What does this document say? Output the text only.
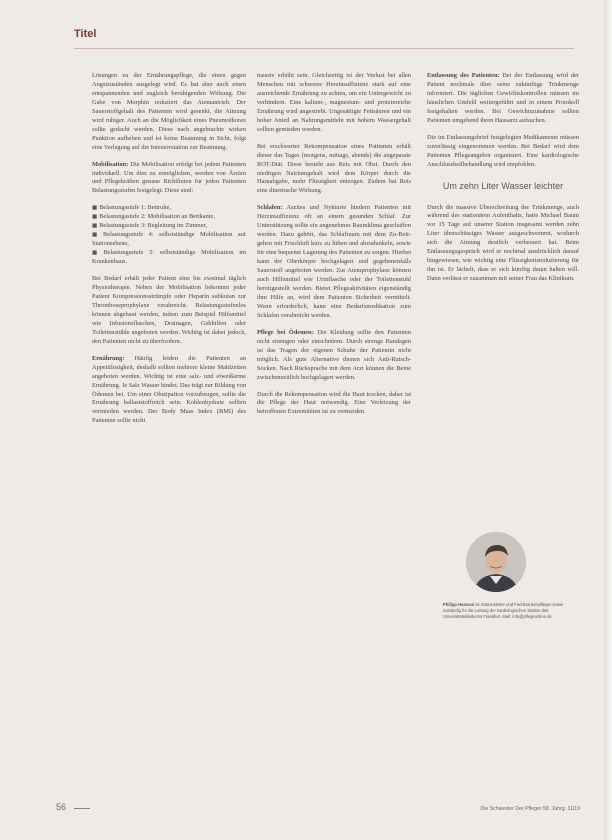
Titel

Lösungen zu der Ernährungspflege, die einen gegen Angstzuständen ausgelegt wird. Es hat aber auch einen entspannenden und zugleich beruhigenden Wirkung. Die Gabe von Morphin reduziert das Atemantrieb. Der Sauerstoffgehalt des Patienten wird gesenkt, die Atmung wird ruhiger. Auch an die Möglichkeit eines Pneumothorax sollte gedacht werden. Diese nach angebrachte wirken Punktion aufheben und ist keine Beatmung in Sicht, folgt eine Verlegung auf die Intensivstation zur Beatmung.

Mobilisation: Die Mobilisation erfolgt bei jedem Patienten individuell. Um dies zu ermöglichen, werden von Ärzten und Pflegekräften genaue Richtlinien für jeden Patienten Belastungsstufen festgelegt. Diese sind:

■ Belastungsstufe 1: Bettruhe,
■ Belastungsstufe 2: Mobilisation an Bettkante,
■ Belastungsstufe 3: Begleitung im Zimmer,
■ Belastungsstufe 4: selbstständige Mobilisation auf Stationsebene,
■ Belastungsstufe 5: selbstständige Mobilisation im Krankenhaus.

Bei Bedarf erhält jeder Patient eine bis zweimal täglich Physiotherapie. Neben der Mobilisation bekommt jeder Patient Kompressionsstrümpfe oder Heparin subkutan zur Thromboseprophylaxe verabreicht. Belastungsstufenlos können abgebaut werden, indem zum Beispiel Hilfsmittel wie Infusionsflaschen, Drainagen, Gehhilfen oder Toilettenstühle angeboten werden. Wichtig ist dabei jedoch, den Patienten nicht zu überfordern.

Ernährung: Häufig leiden die Patienten an Appetitlosigkeit, deshalb sollten mehrere kleine Mahlzeiten angeboten werden. Wichtig ist eine salz- und eiweißarme Ernährung. Je Salz Wasser bindet. Das trägt zur Bildung von Ödemen bei. Um einer Obstipation vorzubeugen, sollte die Ernährung ballaststoffreich sein. Kohlenhydrate sollten vermieden werden. Der Body Mass Index (BMI) des Patienten sollte nicht

massiv erhöht sein. Gleichzeitig ist der Verlust bei allen Menschen mit schwerer Herzinsuffizienz stark auf eine ausreichende Ernährung zu achten, um ein Untergewicht zu verhindern. Eine kalium-, magnesium- und proteinreiche Ernährung wird angestrebt. Ungesättigte Fettsäuren und ein hoher Anteil an Nahrungsmitteln mit hohem Wassergehalt sollten gemieden werden.

Bei erschwerter Rekompensation eines Patienten erhält dieser das Tages (morgens, mittags, abends) die angepasste ROT-Diät. Diese besteht aus Reis mit Obst. Durch den niedrigen Natriumgehalt wird dem Körper durch die Harnabgabe, mehr Flüssigkeit entzogen. Zudem hat Reis eine diuretische Wirkung.

Schlafen: Aszites und Nykturie hindern Patienten mit Herzinsuffizienz oft an einem gesunden Schlaf. Zur Unterstützung sollte ein angenehmes Raumklima geschaffen werden. Dazu gehört, das Schlafraum mit dem Zu-Bett-gehen mit Frischluft kurz zu lüften und abzudunkeln, sowie für eine bequeme Lagerung des Patienten zu sorgen. Hierbei kann der Oberkörper hochgelagert und gegebenenfalls Sauerstoff angeboten werden. Zur Atemprophylaxe können auch Hilfsmittel wie Urinflasche oder der Toilettenstuhl bereitgestellt werden. Bietet Pflegeaktivitäten eigenständig ihm Hilfe an, wird dem Patienten Sicherheit vermittelt. Wenn erforderlich, kann eine Bedarfsmedikation zum Schlafen verabreicht werden.

Pflege bei Ödemen: Die Kleidung sollte den Patienten nicht einengen oder einschnüren. Durch strenge Bandagen ist das Tragen der eigenen Schuhe der Patientin nicht möglich. Als gute Alternative dienen sich Anti-Rutsch-Socken. Nach Rücksprache mit dem Arzt können die Beine zwischenzeitlich hochgelagert werden.

Durch die Rekompensation wird die Haut trocken, daher ist die Pflege der Haut notwendig. Eine Verletzung der betroffenen Extremitäten ist zu vermeiden.

Entlassung des Patienten: Bei der Entlassung wird der Patient nochmals über seine zukünftige Trinkmenge informiert. Die täglichen Gewichtskontrollen müssen im häuslichen Umfeld weitergeführt und in einem Protokoll festgehalten werden. Bei Gewichtszunahme sollten Patienten umgehend ihren Hausarzt aufsuchen.

Die im Entlassungsbrief festgelegten Medikamente müssen zuverlässig eingenommen werden. Bei Bedarf wird dem Patienten Pflegeangebot organisiert. Eine kardiologische Anschlussheilbehandlung wird empfohlen.

Um zehn Liter Wasser leichter

Durch die massive Überschreitung der Trinkmenge, auch während des stationären Aufenthalts, hatte Michael Baum vor 15 Tage auf unserer Station insgesamt werden zehn Liter überschüssiges Wasser ausgeschwemmt, wodurch sich die Atmung deutlich verbessert hat. Beim Entlassungsgespräch wird er nochmal ausdrücklich darauf hingewiesen, wie wichtig eine Flüssigkeitsreduzierung für ihn ist. Er lächelt, dass er sich künftig daran halten will. Dann verlässt er zusammen mit seiner Frau das Klinikum.

Philipp Hassani ist Stationsleiter und Fachkrankenpfleger sowie zuständig für die Leitung der kardiologischen Station des Universitätsklinikums Frankfurt. Mail: info@pflegeonline.de
56	Die Schwester Der Pfleger 58. Jahrg. 11|19
